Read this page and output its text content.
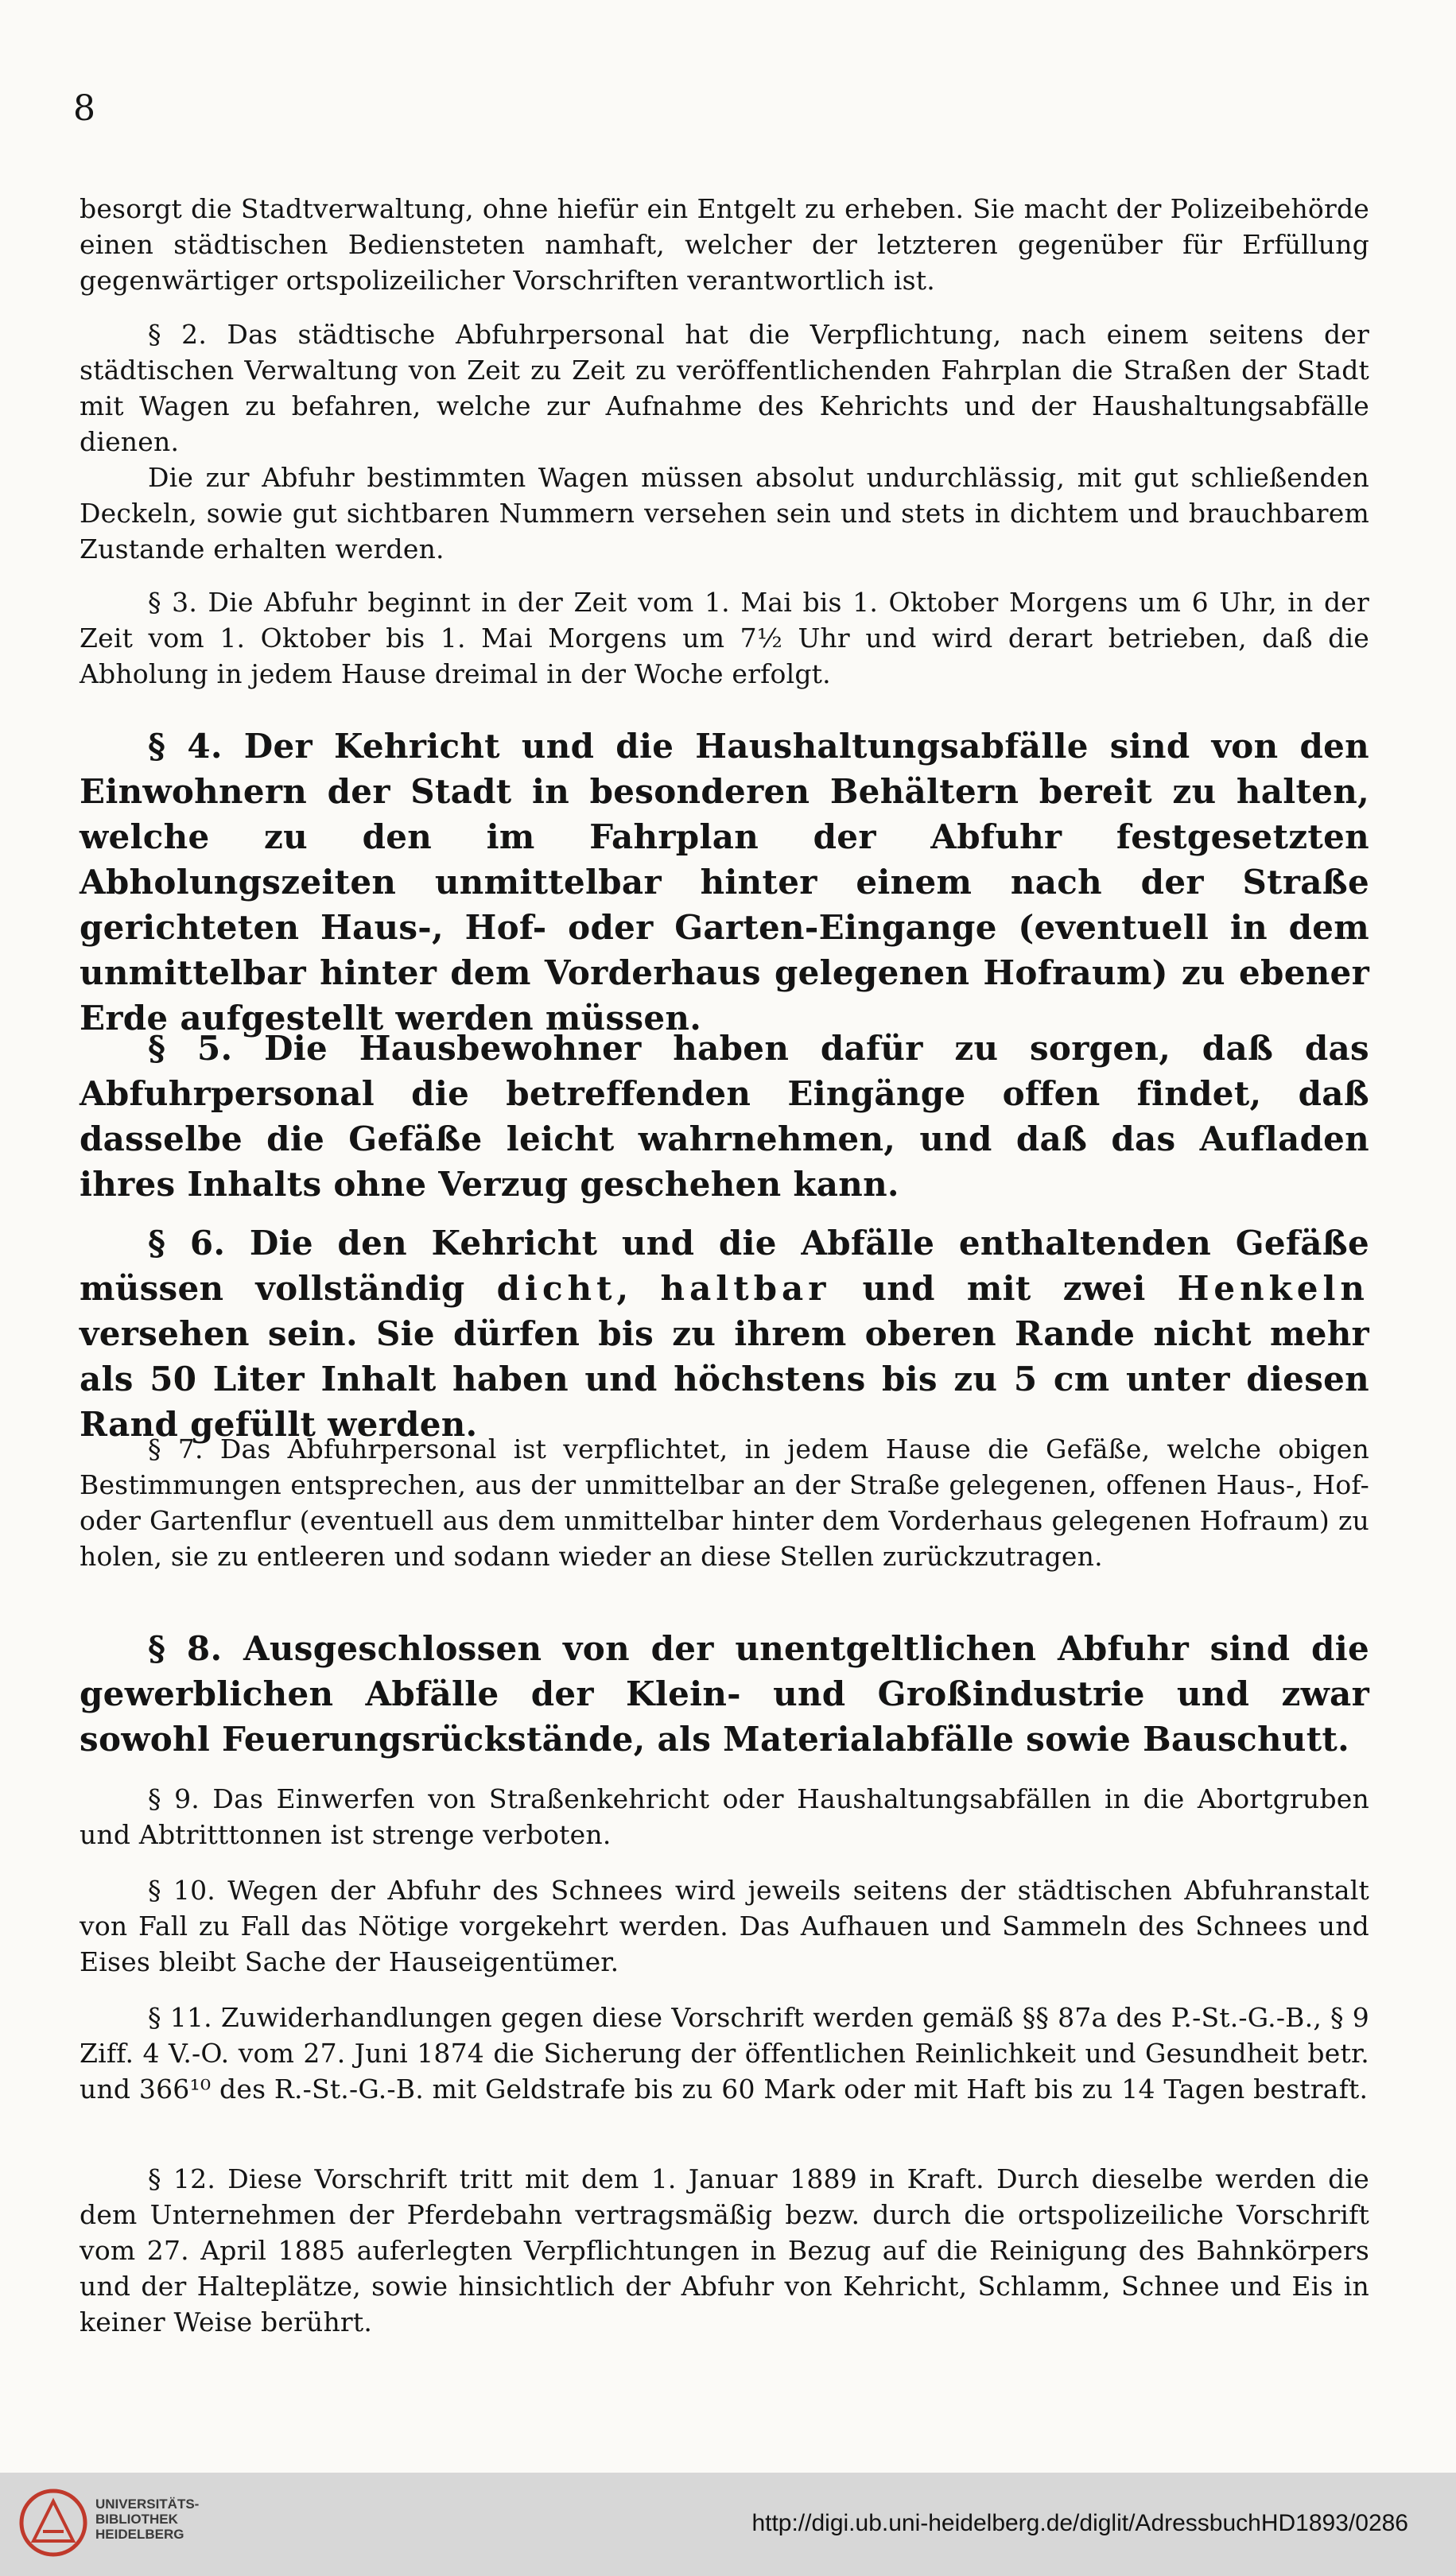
8

besorgt die Stadtverwaltung, ohne hiefür ein Entgelt zu erheben. Sie macht der Polizeibehörde einen städtischen Bediensteten namhaft, welcher der letzteren gegenüber für Erfüllung gegenwärtiger ortspolizeilicher Vorschriften verantwortlich ist.

§ 2. Das städtische Abfuhrpersonal hat die Verpflichtung, nach einem seitens der städtischen Verwaltung von Zeit zu Zeit zu veröffentlichenden Fahrplan die Straßen der Stadt mit Wagen zu befahren, welche zur Aufnahme des Kehrichts und der Haushaltungsabfälle dienen.

Die zur Abfuhr bestimmten Wagen müssen absolut undurchlässig, mit gut schließenden Deckeln, sowie gut sichtbaren Nummern versehen sein und stets in dichtem und brauchbarem Zustande erhalten werden.

§ 3. Die Abfuhr beginnt in der Zeit vom 1. Mai bis 1. Oktober Morgens um 6 Uhr, in der Zeit vom 1. Oktober bis 1. Mai Morgens um 7½ Uhr und wird derart betrieben, daß die Abholung in jedem Hause dreimal in der Woche erfolgt.

§ 4. Der Kehricht und die Haushaltungsabfälle sind von den Einwohnern der Stadt in besonderen Behältern bereit zu halten, welche zu den im Fahrplan der Abfuhr festgesetzten Abholungszeiten unmittelbar hinter einem nach der Straße gerichteten Haus-, Hof- oder Garten-Eingange (eventuell in dem unmittelbar hinter dem Vorderhaus gelegenen Hofraum) zu ebener Erde aufgestellt werden müssen.

§ 5. Die Hausbewohner haben dafür zu sorgen, daß das Abfuhrpersonal die betreffenden Eingänge offen findet, daß dasselbe die Gefäße leicht wahrnehmen, und daß das Aufladen ihres Inhalts ohne Verzug geschehen kann.

§ 6. Die den Kehricht und die Abfälle enthaltenden Gefäße müssen vollständig dicht, haltbar und mit zwei Henkeln versehen sein. Sie dürfen bis zu ihrem oberen Rande nicht mehr als 50 Liter Inhalt haben und höchstens bis zu 5 cm unter diesen Rand gefüllt werden.

§ 7. Das Abfuhrpersonal ist verpflichtet, in jedem Hause die Gefäße, welche obigen Bestimmungen entsprechen, aus der unmittelbar an der Straße gelegenen, offenen Haus-, Hof- oder Gartenflur (eventuell aus dem unmittelbar hinter dem Vorderhaus gelegenen Hofraum) zu holen, sie zu entleeren und sodann wieder an diese Stellen zurückzutragen.

§ 8. Ausgeschlossen von der unentgeltlichen Abfuhr sind die gewerblichen Abfälle der Klein- und Großindustrie und zwar sowohl Feuerungsrückstände, als Materialabfälle sowie Bauschutt.

§ 9. Das Einwerfen von Straßenkehricht oder Haushaltungsabfällen in die Abortgruben und Abtritttonnen ist strenge verboten.

§ 10. Wegen der Abfuhr des Schnees wird jeweils seitens der städtischen Abfuhranstalt von Fall zu Fall das Nötige vorgekehrt werden. Das Aufhauen und Sammeln des Schnees und Eises bleibt Sache der Hauseigentümer.

§ 11. Zuwiderhandlungen gegen diese Vorschrift werden gemäß §§ 87a des P.-St.-G.-B., § 9 Ziff. 4 V.-O. vom 27. Juni 1874 die Sicherung der öffentlichen Reinlichkeit und Gesundheit betr. und 366¹⁰ des R.-St.-G.-B. mit Geldstrafe bis zu 60 Mark oder mit Haft bis zu 14 Tagen bestraft.

§ 12. Diese Vorschrift tritt mit dem 1. Januar 1889 in Kraft. Durch dieselbe werden die dem Unternehmen der Pferdebahn vertragsmäßig bezw. durch die ortspolizeiliche Vorschrift vom 27. April 1885 auferlegten Verpflichtungen in Bezug auf die Reinigung des Bahnkörpers und der Halteplätze, sowie hinsichtlich der Abfuhr von Kehricht, Schlamm, Schnee und Eis in keiner Weise berührt.

UNIVERSITÄTS-
BIBLIOTHEK
HEIDELBERG	http://digi.ub.uni-heidelberg.de/diglit/AdressbuchHD1893/0286
